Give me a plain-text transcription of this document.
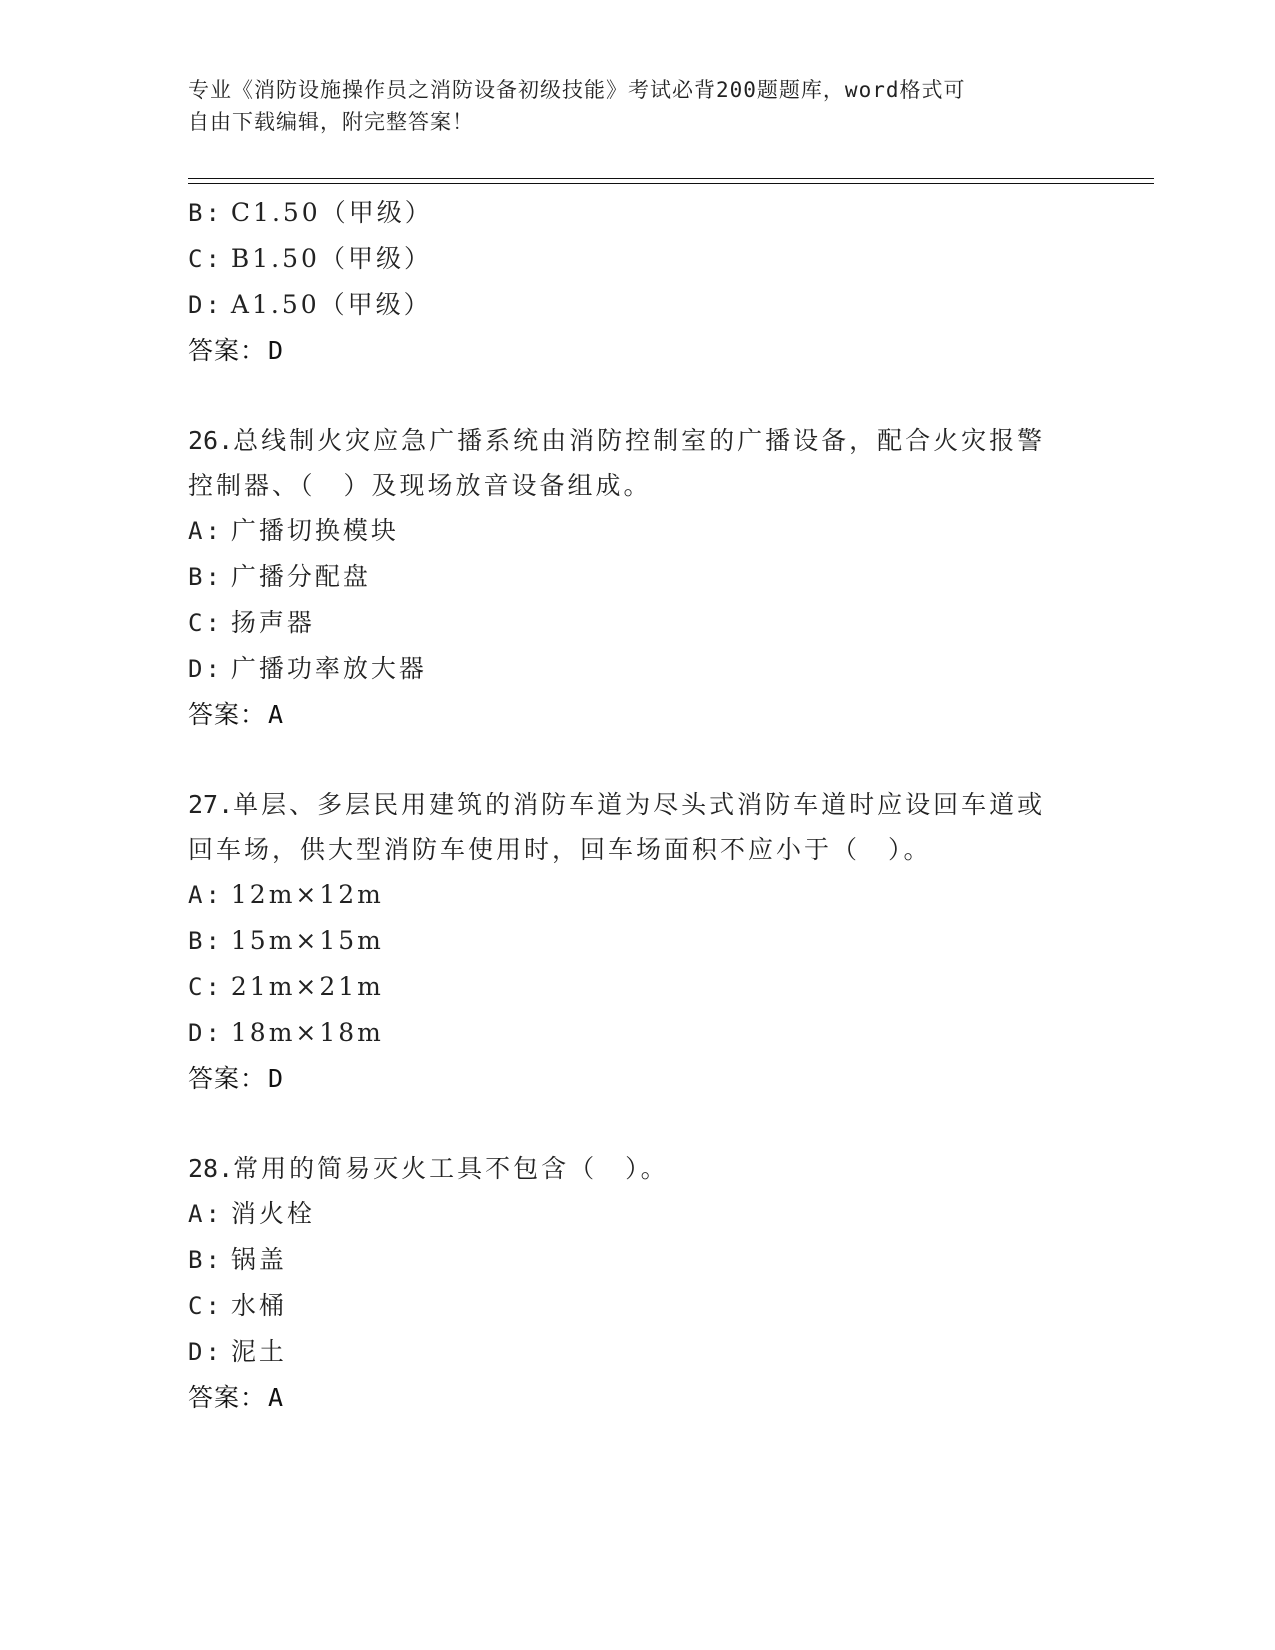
专业《消防设施操作员之消防设备初级技能》考试必背200题题库，word格式可
自由下载编辑，附完整答案！
B: C1.50（甲级）
C: B1.50（甲级）
D: A1.50（甲级）
答案：D
26.总线制火灾应急广播系统由消防控制室的广播设备，配合火灾报警
控制器、（　）及现场放音设备组成。
A: 广播切换模块
B: 广播分配盘
C: 扬声器
D: 广播功率放大器
答案：A
27.单层、多层民用建筑的消防车道为尽头式消防车道时应设回车道或
回车场，供大型消防车使用时，回车场面积不应小于（　）。
A: 12m×12m
B: 15m×15m
C: 21m×21m
D: 18m×18m
答案：D
28.常用的简易灭火工具不包含（　）。
A: 消火栓
B: 锅盖
C: 水桶
D: 泥土
答案：A
